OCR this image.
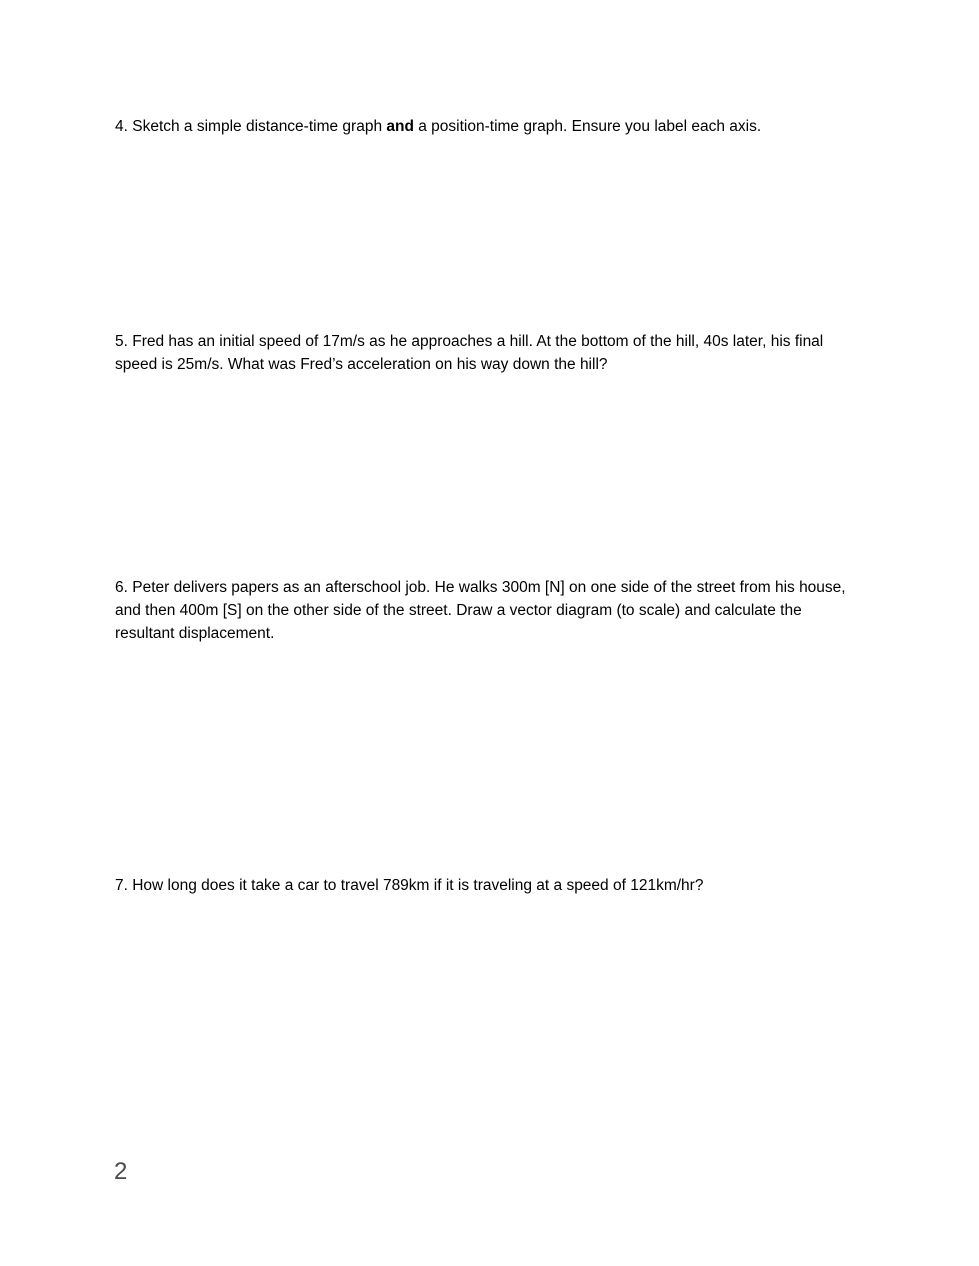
4. Sketch a simple distance-time graph and a position-time graph. Ensure you label each axis.

5. Fred has an initial speed of 17m/s as he approaches a hill. At the bottom of the hill, 40s later, his final speed is 25m/s. What was Fred’s acceleration on his way down the hill?

6. Peter delivers papers as an afterschool job. He walks 300m [N] on one side of the street from his house, and then 400m [S] on the other side of the street. Draw a vector diagram (to scale) and calculate the resultant displacement.

7. How long does it take a car to travel 789km if it is traveling at a speed of 121km/hr?

2
